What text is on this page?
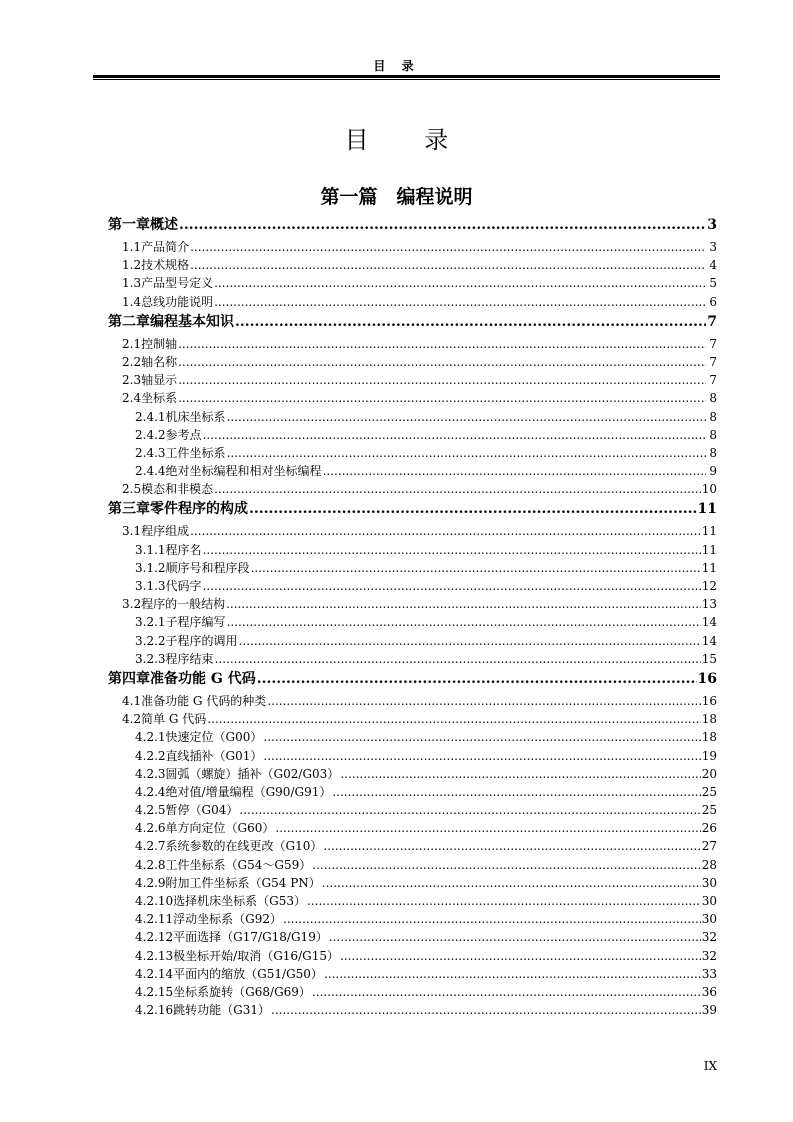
目 录
目 录
第一篇　编程说明
第一章 概述 .....	3
1.1 产品简介 .....	3
1.2 技术规格 .....	4
1.3 产品型号定义 .....	5
1.4 总线功能说明 .....	6
第二章 编程基本知识 .....	7
2.1 控制轴 .....	7
2.2 轴名称 .....	7
2.3 轴显示 .....	7
2.4 坐标系 .....	8
2.4.1 机床坐标系 .....	8
2.4.2 参考点 .....	8
2.4.3 工件坐标系 .....	8
2.4.4 绝对坐标编程和相对坐标编程 .....	9
2.5 模态和非模态 .....	10
第三章 零件程序的构成 .....	11
3.1 程序组成 .....	11
3.1.1 程序名 .....	11
3.1.2 顺序号和程序段 .....	11
3.1.3 代码字 .....	12
3.2 程序的一般结构 .....	13
3.2.1 子程序编写 .....	14
3.2.2 子程序的调用 .....	14
3.2.3 程序结束 .....	15
第四章 准备功能 G 代码 .....	16
4.1 准备功能 G 代码的种类 .....	16
4.2 简单 G 代码 .....	18
4.2.1 快速定位（G00） .....	18
4.2.2 直线插补（G01） .....	19
4.2.3 圆弧（螺旋）插补（G02/G03） .....	20
4.2.4 绝对值/增量编程（G90/G91） .....	25
4.2.5 暂停（G04） .....	25
4.2.6 单方向定位（G60） .....	26
4.2.7 系统参数的在线更改（G10） .....	27
4.2.8 工件坐标系（G54～G59） .....	28
4.2.9 附加工件坐标系（G54 PN） .....	30
4.2.10 选择机床坐标系（G53） .....	30
4.2.11 浮动坐标系（G92） .....	30
4.2.12 平面选择（G17/G18/G19） .....	32
4.2.13 极坐标开始/取消（G16/G15） .....	32
4.2.14 平面内的缩放（G51/G50） .....	33
4.2.15 坐标系旋转（G68/G69） .....	36
4.2.16 跳转功能（G31） .....	39
IX
